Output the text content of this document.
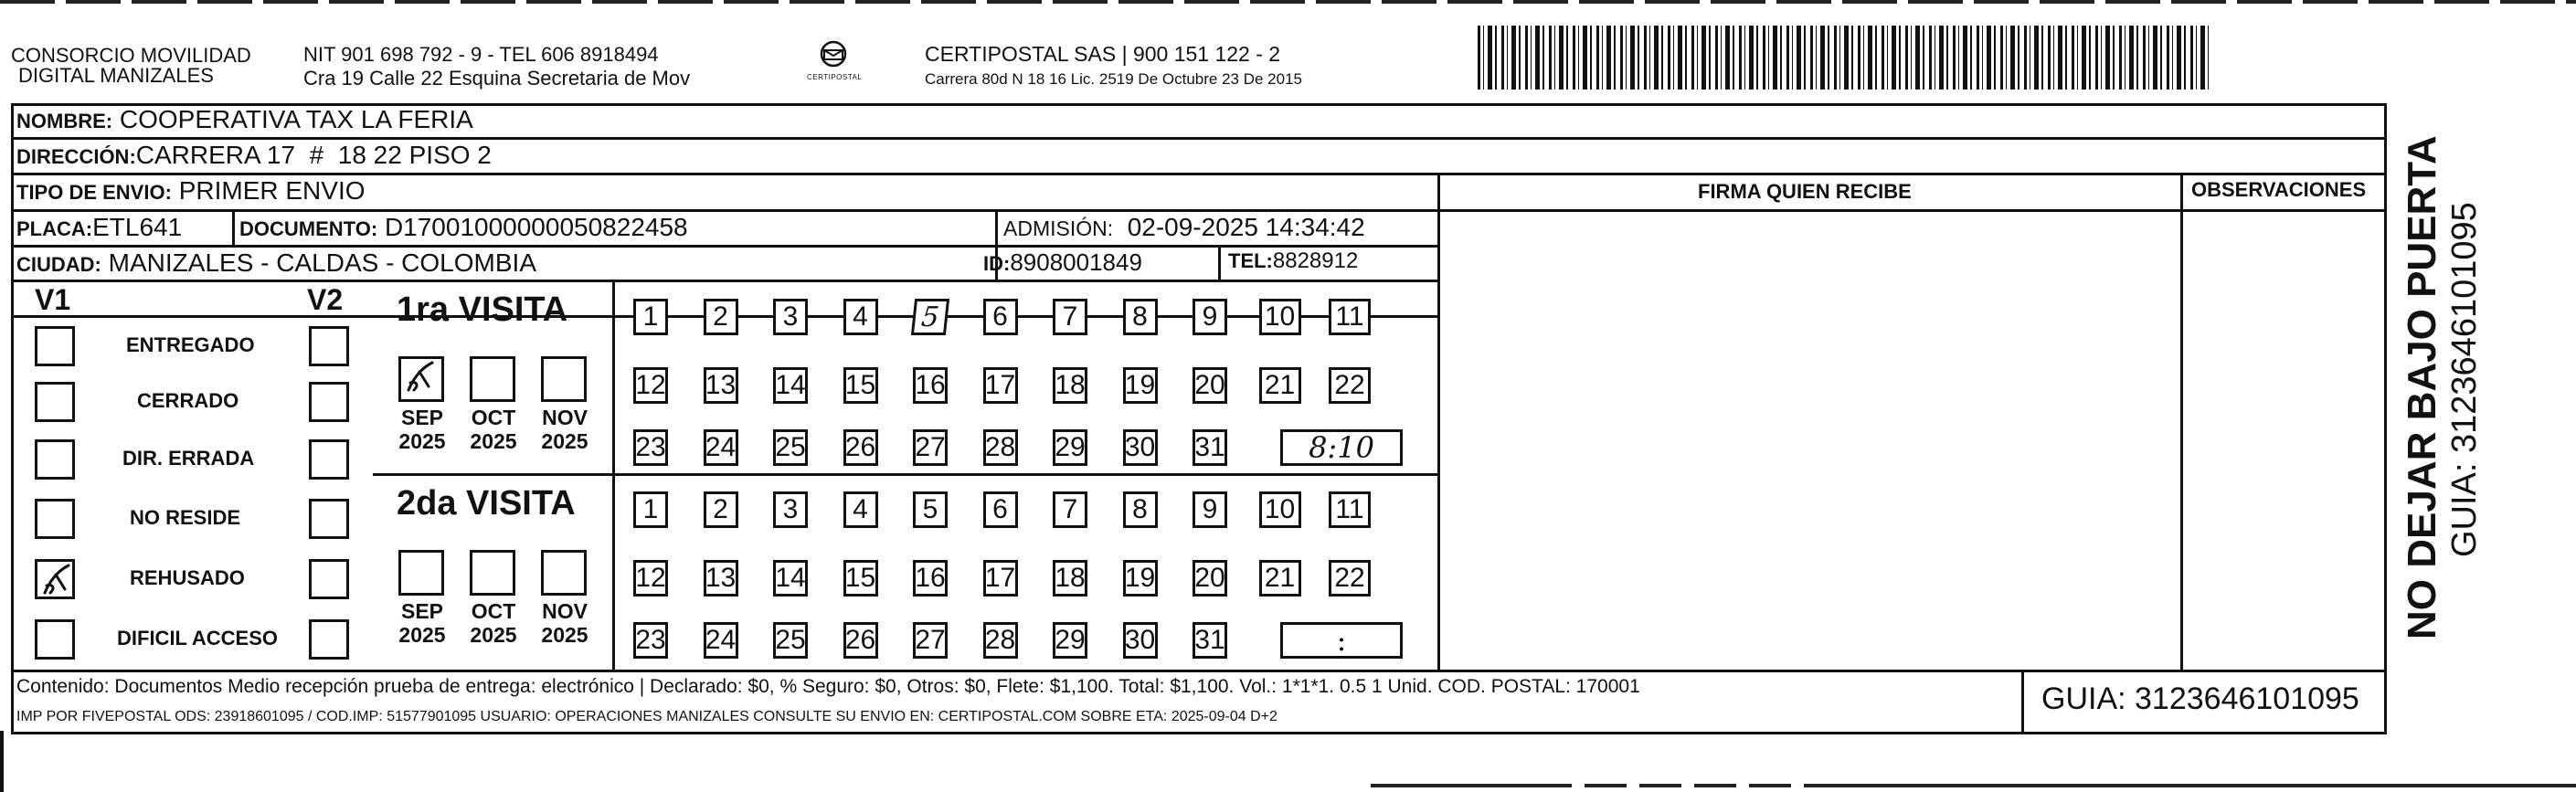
CONSORCIO MOVILIDAD
DIGITAL MANIZALES
NIT 901 698 792 - 9 - TEL 606 8918494
Cra 19 Calle 22 Esquina Secretaria de Mov	CERTIPOSTAL
CERTIPOSTAL SAS | 900 151 122 - 2
Carrera 80d N 18 16 Lic. 2519 De Octubre 23 De 2015
NOMBRE: COOPERATIVA TAX LA FERIA
DIRECCIÓN:CARRERA 17  #  18 22 PISO 2
TIPO DE ENVIO: PRIMER ENVIO	FIRMA QUIEN RECIBE	OBSERVACIONES
PLACA:ETL641	DOCUMENTO: D17001000000050822458	ADMISIÓN: 02-09-2025 14:34:42
CIUDAD: MANIZALES - CALDAS - COLOMBIA	ID:8908001849	TEL:8828912
V1	V2
ENTREGADO
CERRADO
DIR. ERRADA
NO RESIDE
REHUSADO
DIFICIL ACCESO
1ra VISITA
SEP
2025
OCT
2025
NOV
2025
1 2 3 4 5 6 7 8 9 10 11
12 13 14 15 16 17 18 19 20 21 22
23 24 25 26 27 28 29 30 31	8:10
2da VISITA
SEP
2025
OCT
2025
NOV
2025
1 2 3 4 5 6 7 8 9 10 11
12 13 14 15 16 17 18 19 20 21 22
23 24 25 26 27 28 29 30 31	:
Contenido: Documentos Medio recepción prueba de entrega: electrónico | Declarado: $0, % Seguro: $0, Otros: $0, Flete: $1,100. Total: $1,100. Vol.: 1*1*1. 0.5 1 Unid. COD. POSTAL: 170001
IMP POR FIVEPOSTAL ODS: 23918601095 / COD.IMP: 51577901095 USUARIO: OPERACIONES MANIZALES CONSULTE SU ENVIO EN: CERTIPOSTAL.COM SOBRE ETA: 2025-09-04 D+2
GUIA: 3123646101095
NO DEJAR BAJO PUERTA GUIA: 3123646101095
